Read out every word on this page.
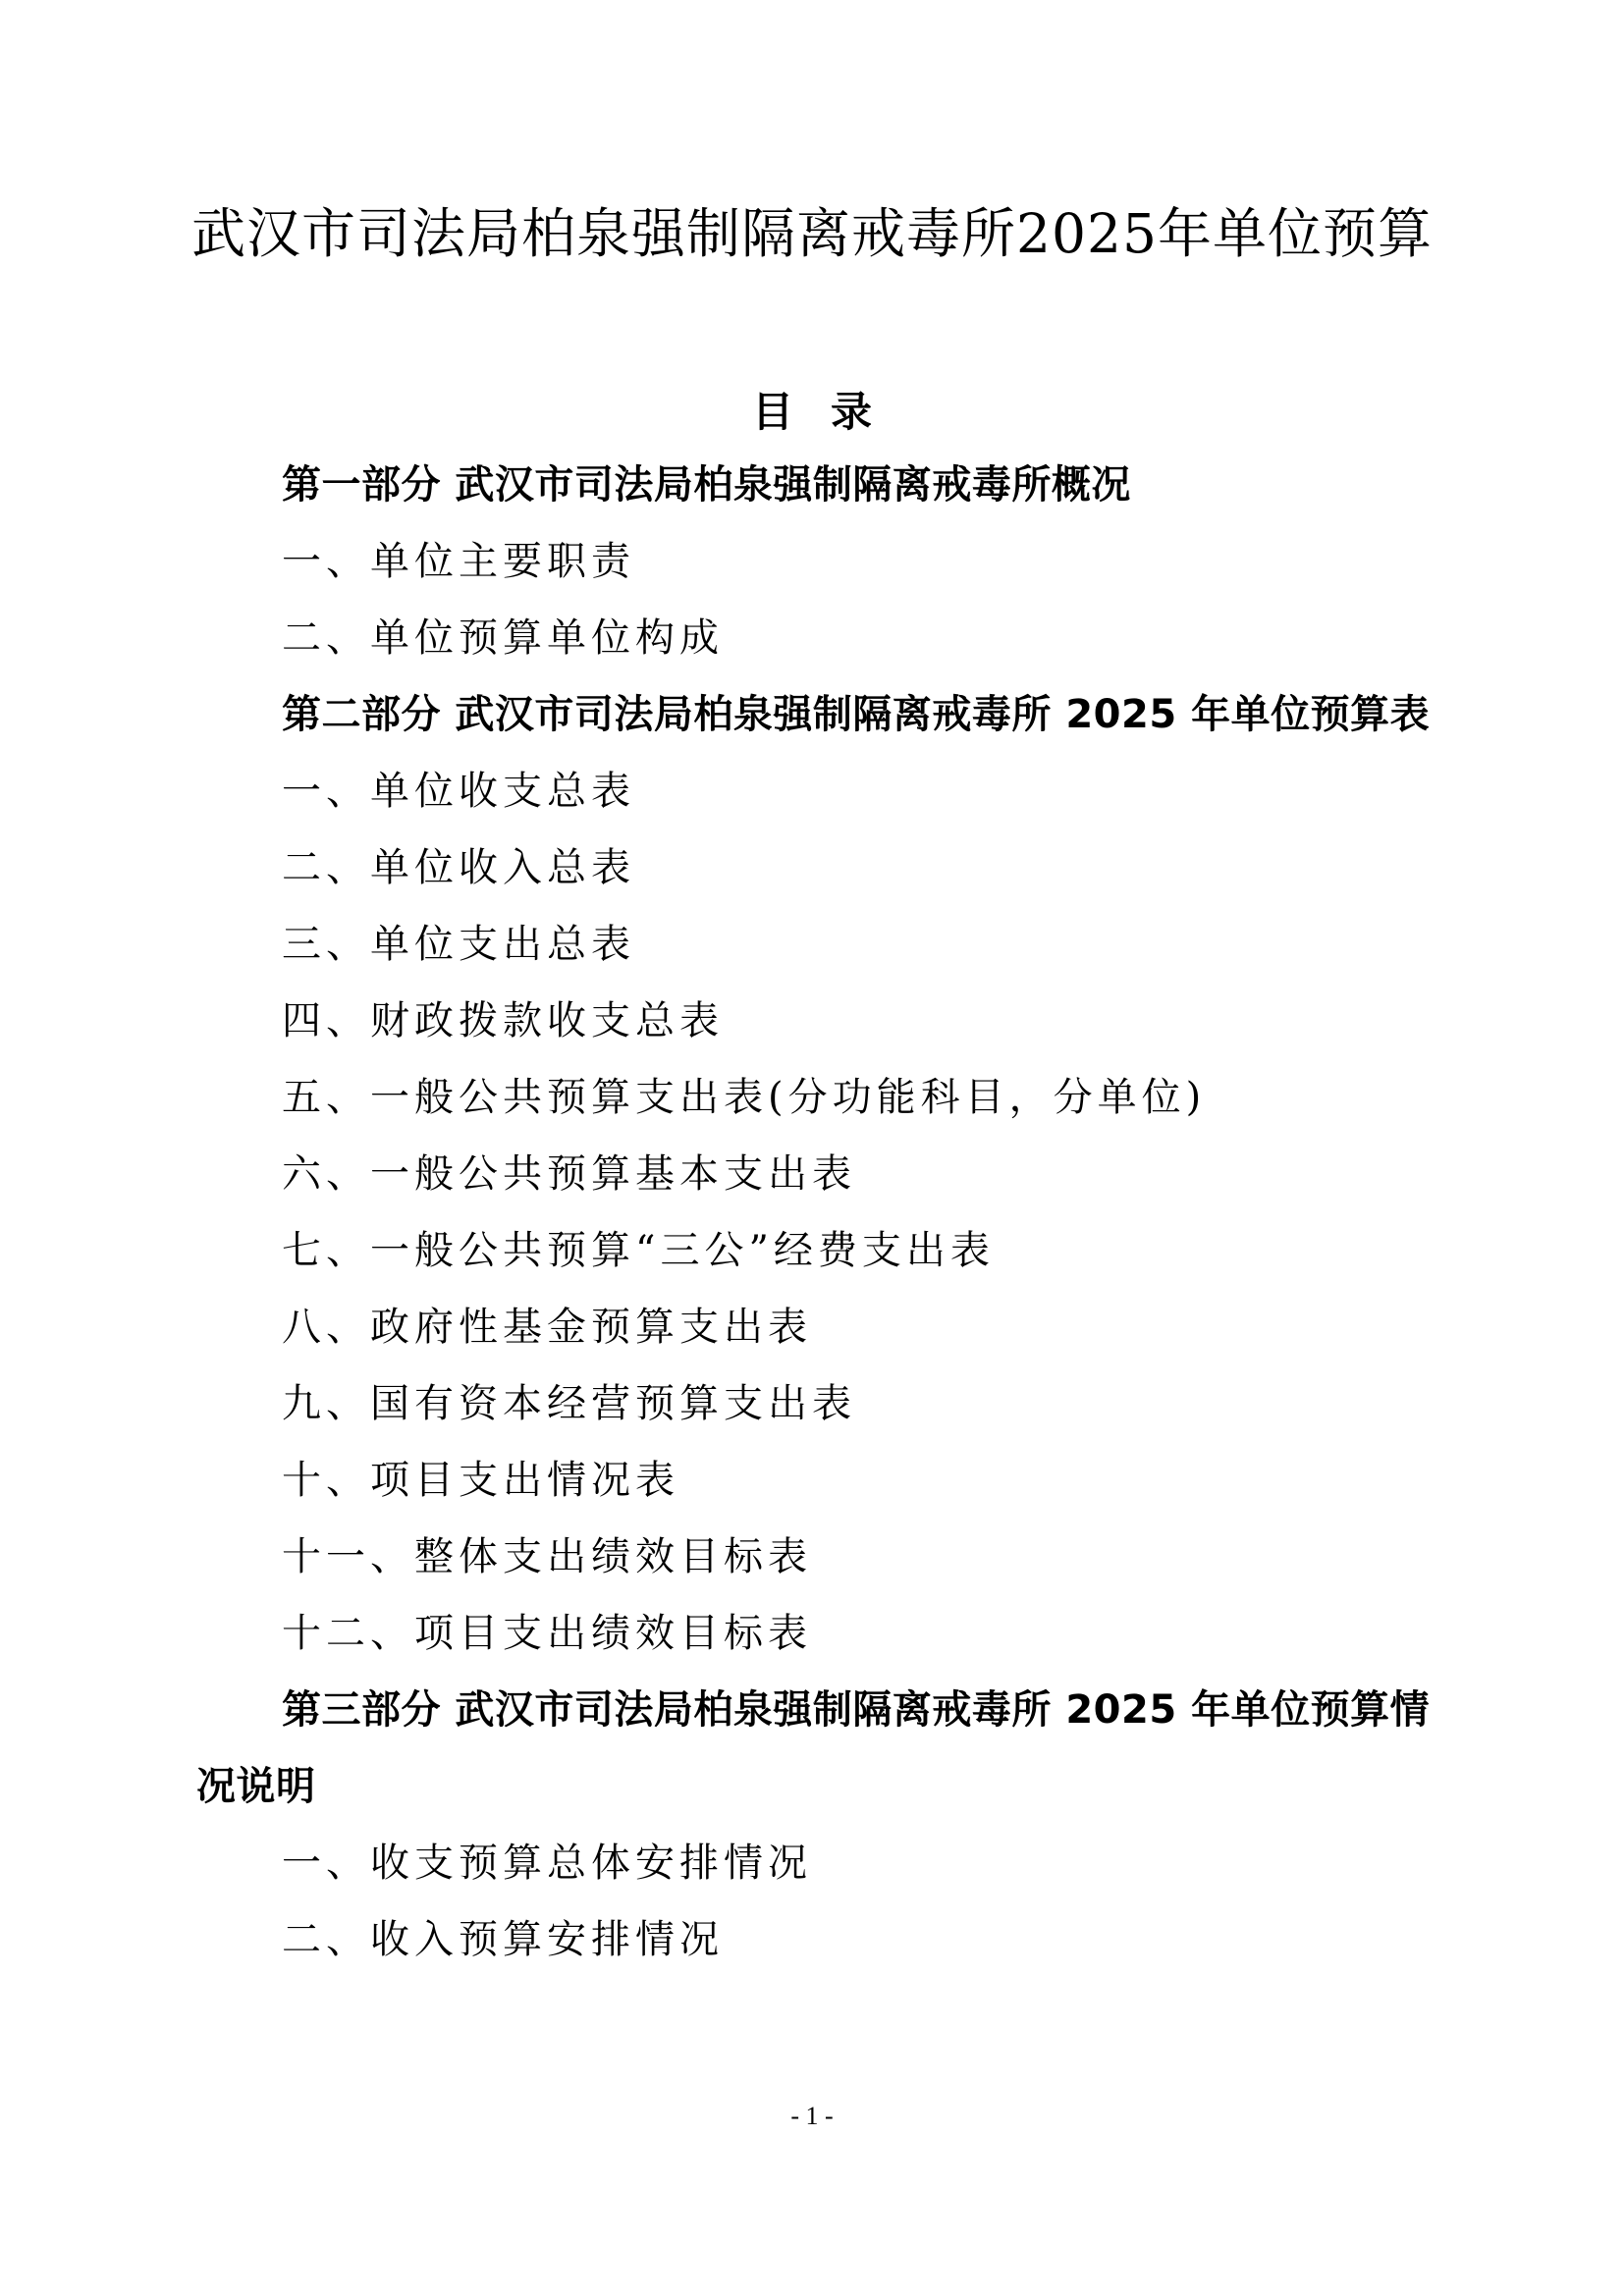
武汉市司法局柏泉强制隔离戒毒所2025年单位预算
目录
第一部分 武汉市司法局柏泉强制隔离戒毒所概况
一、单位主要职责
二、单位预算单位构成
第二部分 武汉市司法局柏泉强制隔离戒毒所 2025 年单位预算表
一、单位收支总表
二、单位收入总表
三、单位支出总表
四、财政拨款收支总表
五、一般公共预算支出表(分功能科目，分单位)
六、一般公共预算基本支出表
七、一般公共预算“三公”经费支出表
八、政府性基金预算支出表
九、国有资本经营预算支出表
十、项目支出情况表
十一、整体支出绩效目标表
十二、项目支出绩效目标表
第三部分 武汉市司法局柏泉强制隔离戒毒所 2025 年单位预算情况说明
一、收支预算总体安排情况
二、收入预算安排情况
- 1 -
